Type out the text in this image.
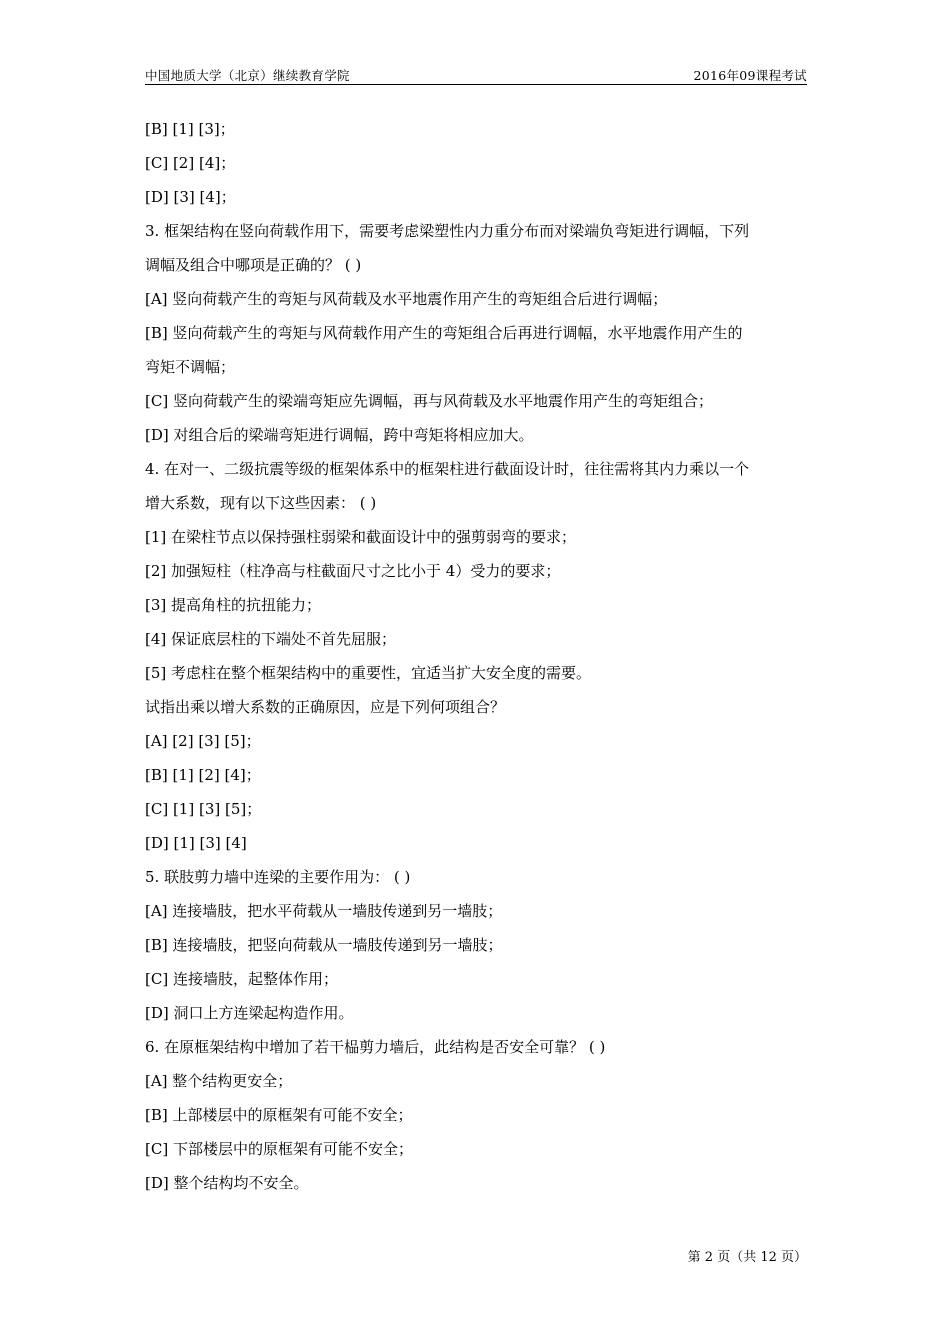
中国地质大学（北京）继续教育学院	2016年09课程考试
[B] [1] [3]；
[C] [2] [4]；
[D] [3] [4]；
3. 框架结构在竖向荷载作用下，需要考虑梁塑性内力重分布而对梁端负弯矩进行调幅，下列
调幅及组合中哪项是正确的？ ( )
[A] 竖向荷载产生的弯矩与风荷载及水平地震作用产生的弯矩组合后进行调幅；
[B] 竖向荷载产生的弯矩与风荷载作用产生的弯矩组合后再进行调幅，水平地震作用产生的
弯矩不调幅；
[C] 竖向荷载产生的梁端弯矩应先调幅，再与风荷载及水平地震作用产生的弯矩组合；
[D] 对组合后的梁端弯矩进行调幅，跨中弯矩将相应加大。
4. 在对一、二级抗震等级的框架体系中的框架柱进行截面设计时，往往需将其内力乘以一个
增大系数，现有以下这些因素： ( )
[1] 在梁柱节点以保持强柱弱梁和截面设计中的强剪弱弯的要求；
[2] 加强短柱（柱净高与柱截面尺寸之比小于 4）受力的要求；
[3] 提高角柱的抗扭能力；
[4] 保证底层柱的下端处不首先屈服；
[5] 考虑柱在整个框架结构中的重要性，宜适当扩大安全度的需要。
试指出乘以增大系数的正确原因，应是下列何项组合？
[A] [2] [3] [5]；
[B] [1] [2] [4]；
[C] [1] [3] [5]；
[D] [1] [3] [4]
5. 联肢剪力墙中连梁的主要作用为： ( )
[A] 连接墙肢，把水平荷载从一墙肢传递到另一墙肢；
[B] 连接墙肢，把竖向荷载从一墙肢传递到另一墙肢；
[C] 连接墙肢，起整体作用；
[D] 洞口上方连梁起构造作用。
6. 在原框架结构中增加了若干榀剪力墙后，此结构是否安全可靠？ ( )
[A] 整个结构更安全；
[B] 上部楼层中的原框架有可能不安全；
[C] 下部楼层中的原框架有可能不安全；
[D] 整个结构均不安全。
第 2 页（共 12 页）
